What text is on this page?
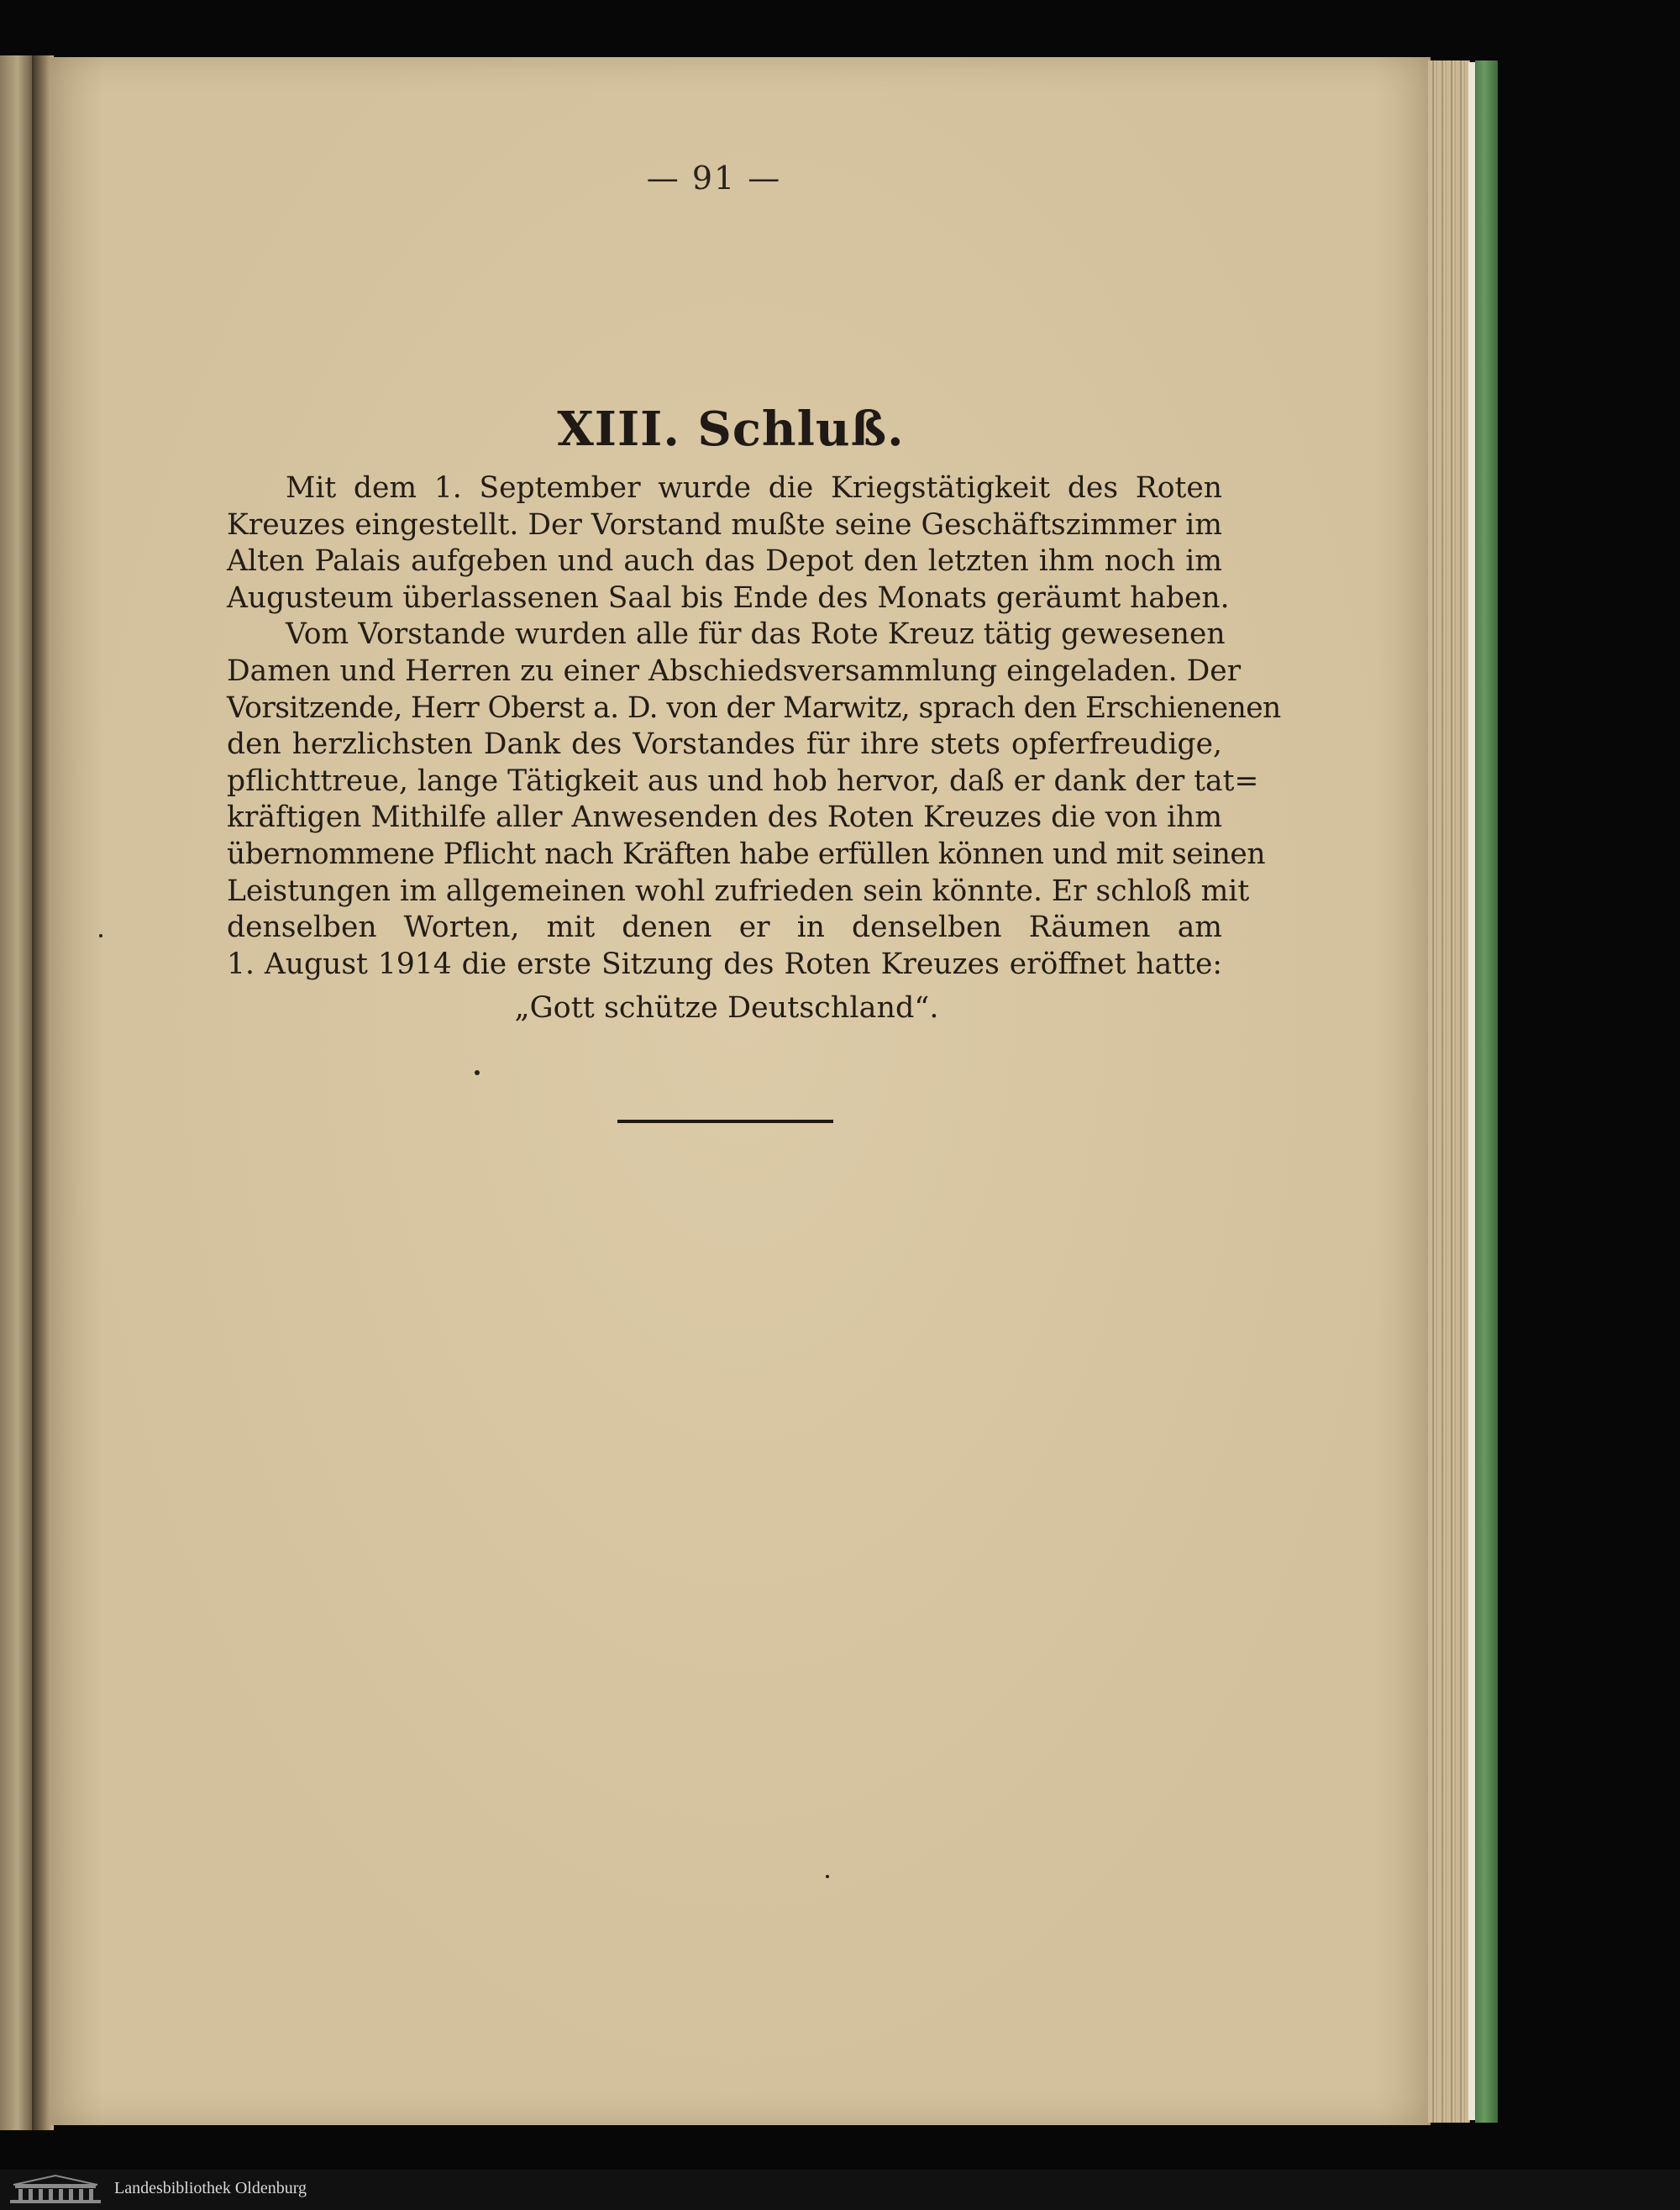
— 91 —
XIII. Schluß.

Mit dem 1. September wurde die Kriegstätigkeit des Roten
Kreuzes eingestellt. Der Vorstand mußte seine Geschäftszimmer im
Alten Palais aufgeben und auch das Depot den letzten ihm noch im
Augusteum überlassenen Saal bis Ende des Monats geräumt haben.

Vom Vorstande wurden alle für das Rote Kreuz tätig gewesenen
Damen und Herren zu einer Abschiedsversammlung eingeladen. Der
Vorsitzende, Herr Oberst a. D. von der Marwitz, sprach den Erschienenen
den herzlichsten Dank des Vorstandes für ihre stets opferfreudige,
pflichttreue, lange Tätigkeit aus und hob hervor, daß er dank der tat=
kräftigen Mithilfe aller Anwesenden des Roten Kreuzes die von ihm
übernommene Pflicht nach Kräften habe erfüllen können und mit seinen
Leistungen im allgemeinen wohl zufrieden sein könnte. Er schloß mit
denselben Worten, mit denen er in denselben Räumen am
1. August 1914 die erste Sitzung des Roten Kreuzes eröffnet hatte:

„Gott schütze Deutschland“.
Landesbibliothek Oldenburg
